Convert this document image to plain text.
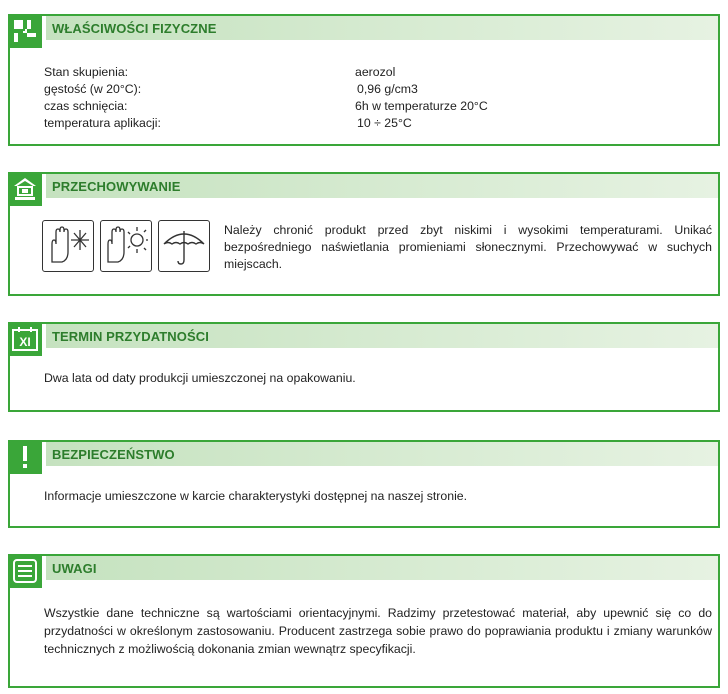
WŁAŚCIWOŚCI FIZYCZNE
Stan skupienia:	aerozol
gęstość (w 20°C):	0,96 g/cm3
czas schnięcia:	6h w temperaturze 20°C
temperatura aplikacji:	10 ÷ 25°C
PRZECHOWYWANIE
Należy chronić produkt przed zbyt niskimi i wysokimi temperaturami. Unikać bezpośredniego naświetlania promieniami słonecznymi. Przechowywać w suchych miejscach.
XI TERMIN PRZYDATNOŚCI
Dwa lata od daty produkcji umieszczonej na opakowaniu.
BEZPIECZEŃSTWO
Informacje umieszczone w karcie charakterystyki dostępnej na naszej stronie.
UWAGI
Wszystkie dane techniczne są wartościami orientacyjnymi. Radzimy przetestować materiał, aby upewnić się co do przydatności w określonym zastosowaniu. Producent zastrzega sobie prawo do poprawiania produktu i zmiany warunków technicznych z możliwością dokonania zmian wewnątrz specyfikacji.
